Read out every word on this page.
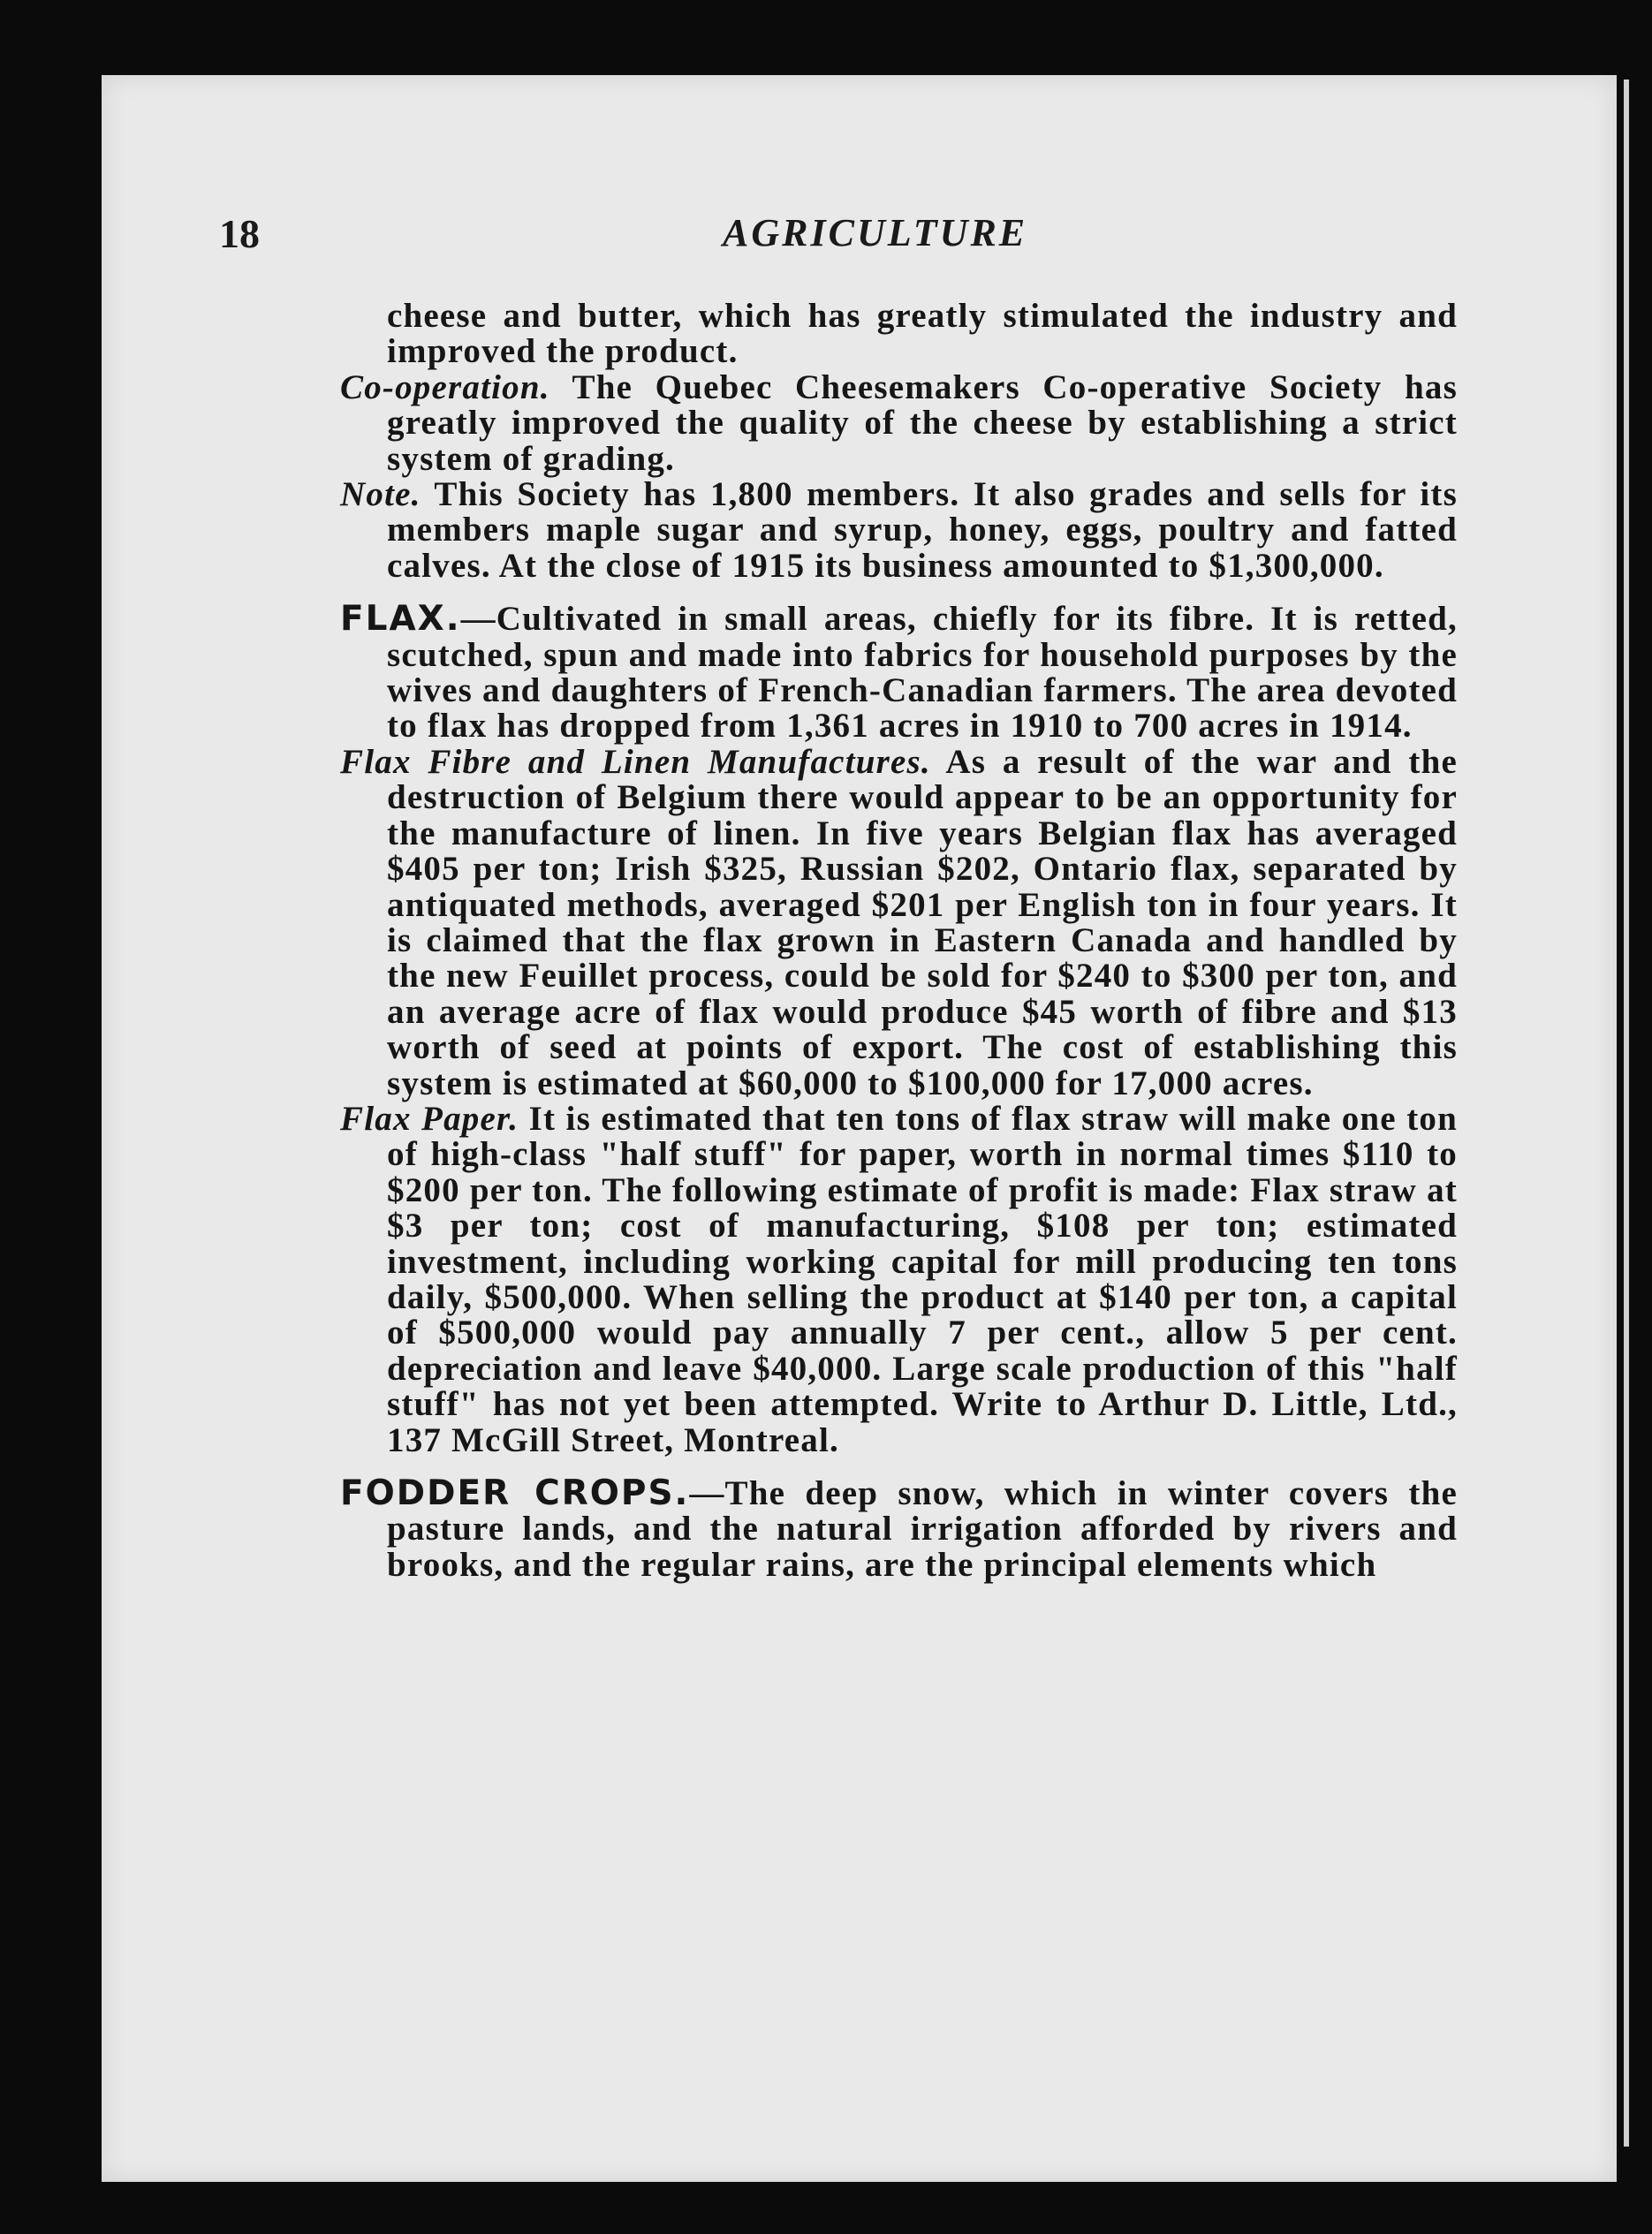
18	AGRICULTURE

cheese and butter, which has greatly stimulated the industry and improved the product.

Co-operation. The Quebec Cheesemakers Co-operative Society has greatly improved the quality of the cheese by establishing a strict system of grading.

Note. This Society has 1,800 members. It also grades and sells for its members maple sugar and syrup, honey, eggs, poultry and fatted calves. At the close of 1915 its business amounted to $1,300,000.

FLAX.—Cultivated in small areas, chiefly for its fibre. It is retted, scutched, spun and made into fabrics for household purposes by the wives and daughters of French-Canadian farmers. The area devoted to flax has dropped from 1,361 acres in 1910 to 700 acres in 1914.

Flax Fibre and Linen Manufactures. As a result of the war and the destruction of Belgium there would appear to be an opportunity for the manufacture of linen. In five years Belgian flax has averaged $405 per ton; Irish $325, Russian $202, Ontario flax, separated by antiquated methods, averaged $201 per English ton in four years. It is claimed that the flax grown in Eastern Canada and handled by the new Feuillet process, could be sold for $240 to $300 per ton, and an average acre of flax would produce $45 worth of fibre and $13 worth of seed at points of export. The cost of establishing this system is estimated at $60,000 to $100,000 for 17,000 acres.

Flax Paper. It is estimated that ten tons of flax straw will make one ton of high-class "half stuff" for paper, worth in normal times $110 to $200 per ton. The following estimate of profit is made: Flax straw at $3 per ton; cost of manufacturing, $108 per ton; estimated investment, including working capital for mill producing ten tons daily, $500,000. When selling the product at $140 per ton, a capital of $500,000 would pay annually 7 per cent., allow 5 per cent. depreciation and leave $40,000. Large scale production of this "half stuff" has not yet been attempted. Write to Arthur D. Little, Ltd., 137 McGill Street, Montreal.

FODDER CROPS.—The deep snow, which in winter covers the pasture lands, and the natural irrigation afforded by rivers and brooks, and the regular rains, are the principal elements which
